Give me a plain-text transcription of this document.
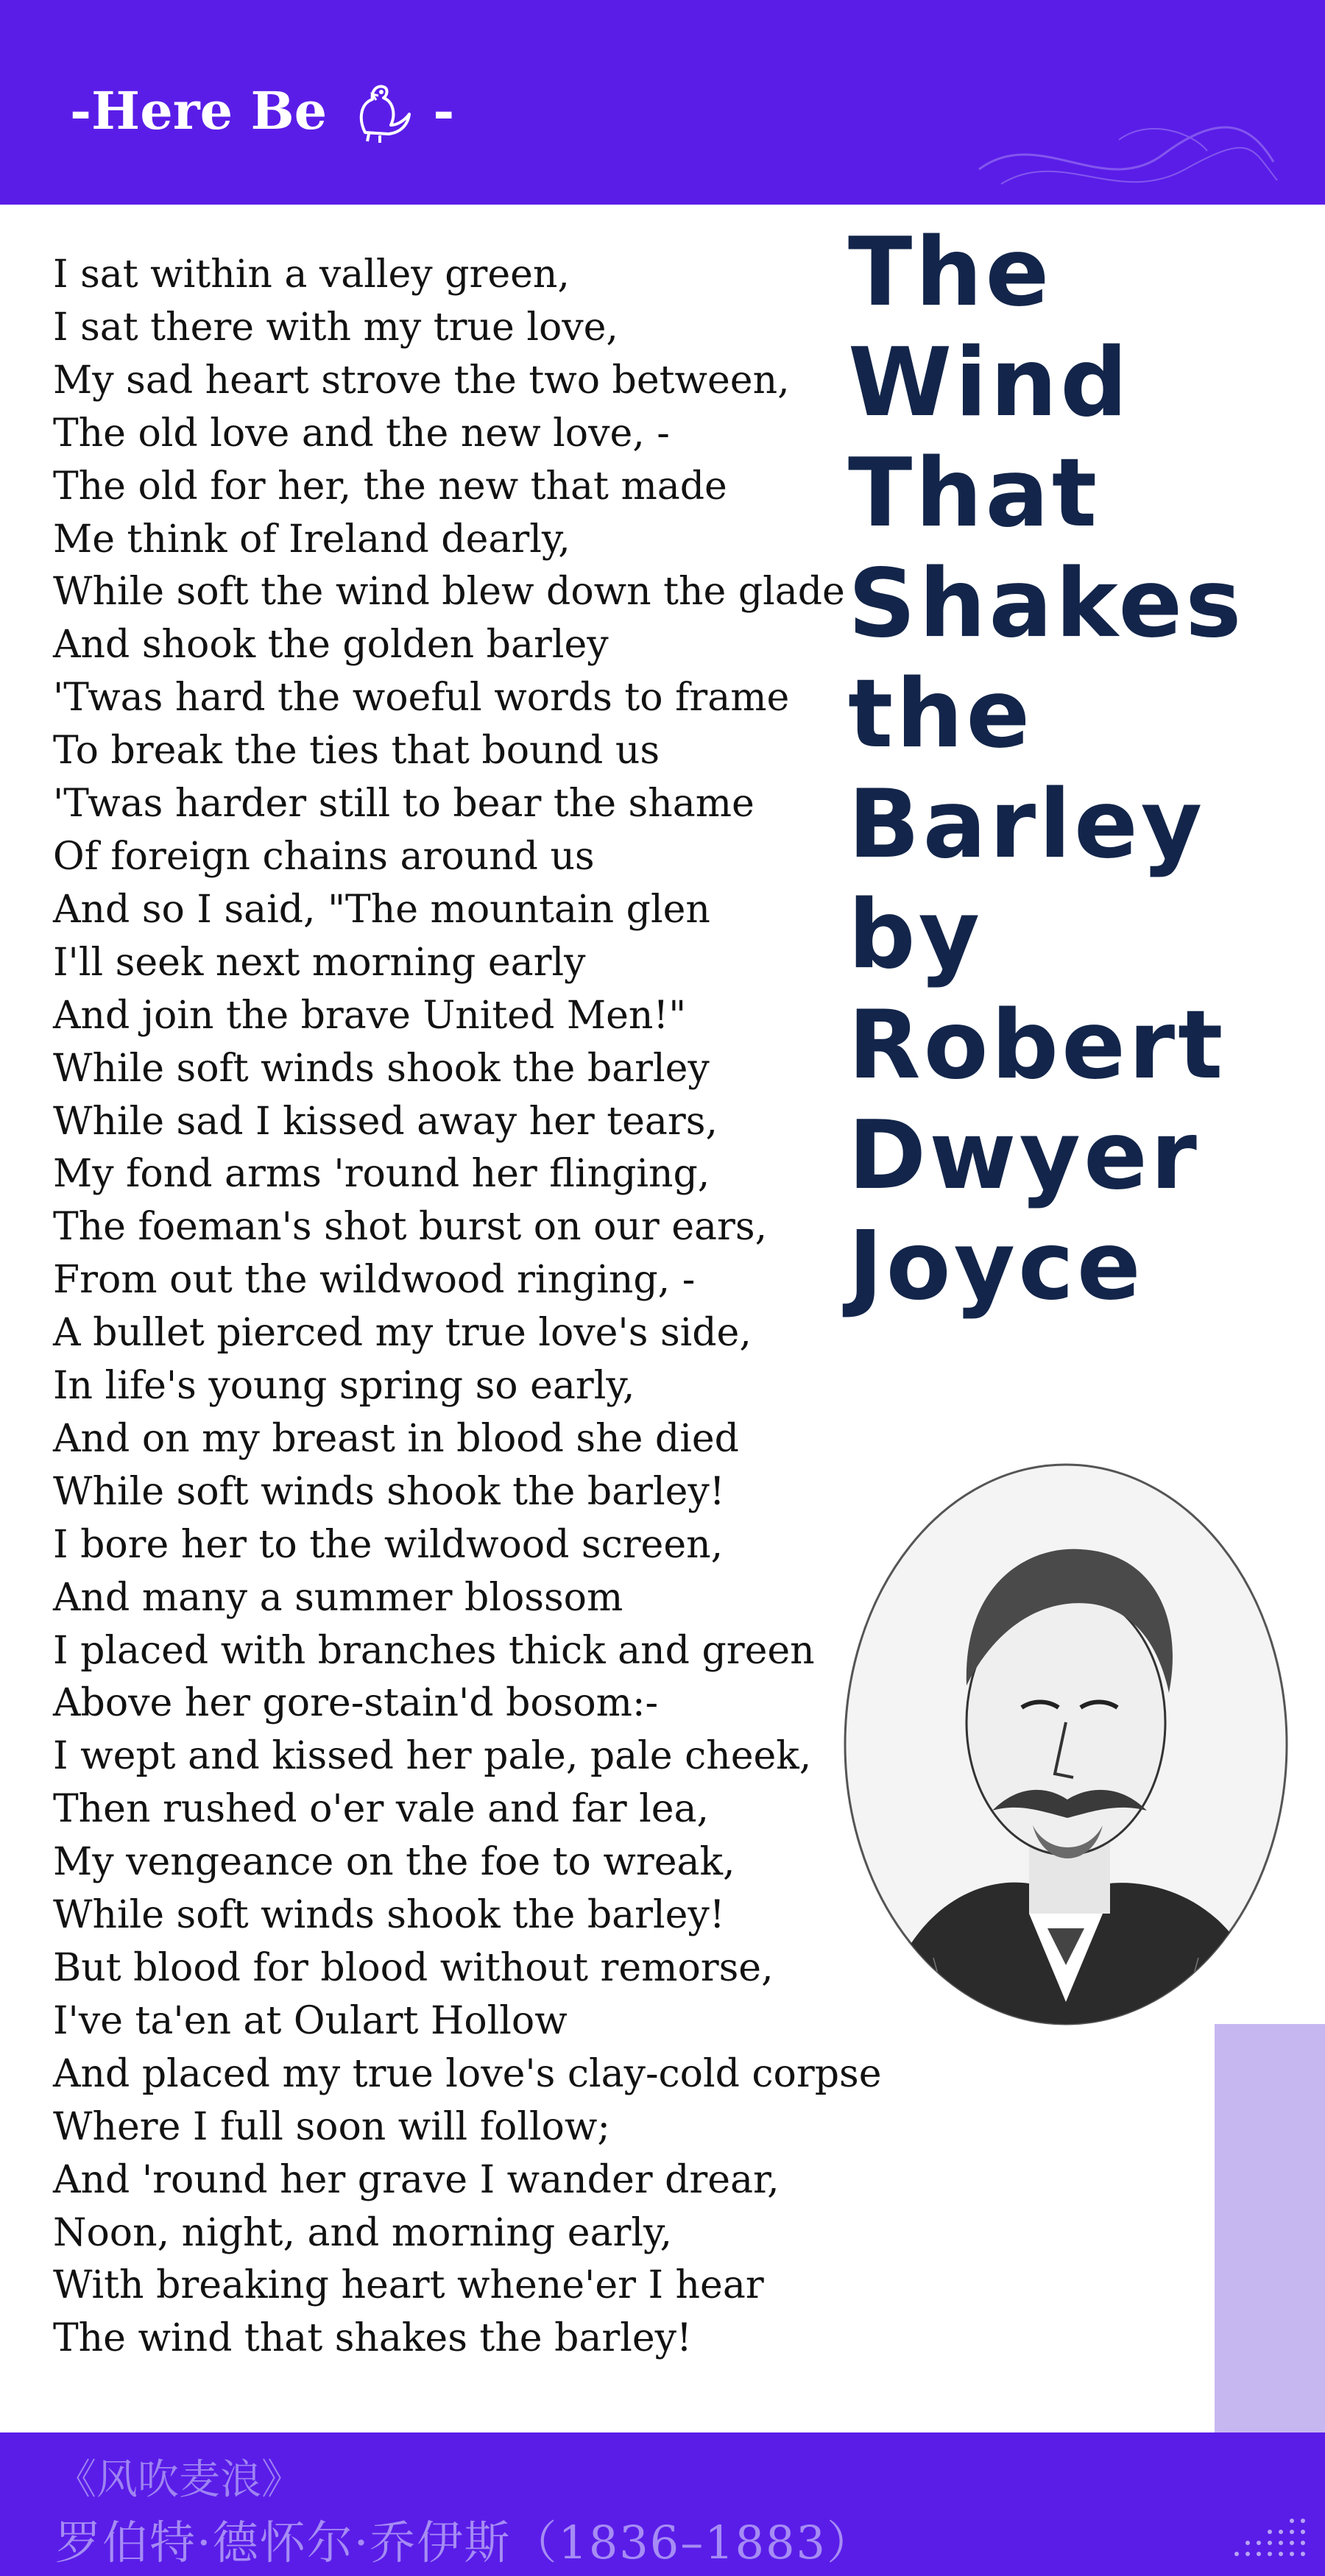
-Here Be -
I sat within a valley green,
I sat there with my true love,
My sad heart strove the two between,
The old love and the new love, -
The old for her, the new that made
Me think of Ireland dearly,
While soft the wind blew down the glade
And shook the golden barley
'Twas hard the woeful words to frame
To break the ties that bound us
'Twas harder still to bear the shame
Of foreign chains around us
And so I said, "The mountain glen
I'll seek next morning early
And join the brave United Men!"
While soft winds shook the barley
While sad I kissed away her tears,
My fond arms 'round her flinging,
The foeman's shot burst on our ears,
From out the wildwood ringing, -
A bullet pierced my true love's side,
In life's young spring so early,
And on my breast in blood she died
While soft winds shook the barley!
I bore her to the wildwood screen,
And many a summer blossom
I placed with branches thick and green
Above her gore-stain'd bosom:-
I wept and kissed her pale, pale cheek,
Then rushed o'er vale and far lea,
My vengeance on the foe to wreak,
While soft winds shook the barley!
But blood for blood without remorse,
I've ta'en at Oulart Hollow
And placed my true love's clay-cold corpse
Where I full soon will follow;
And 'round her grave I wander drear,
Noon, night, and morning early,
With breaking heart whene'er I hear
The wind that shakes the barley!
The
Wind
That
Shakes
the
Barley
by
Robert
Dwyer
Joyce
《风吹麦浪》
罗伯特·德怀尔·乔伊斯（1836–1883）
